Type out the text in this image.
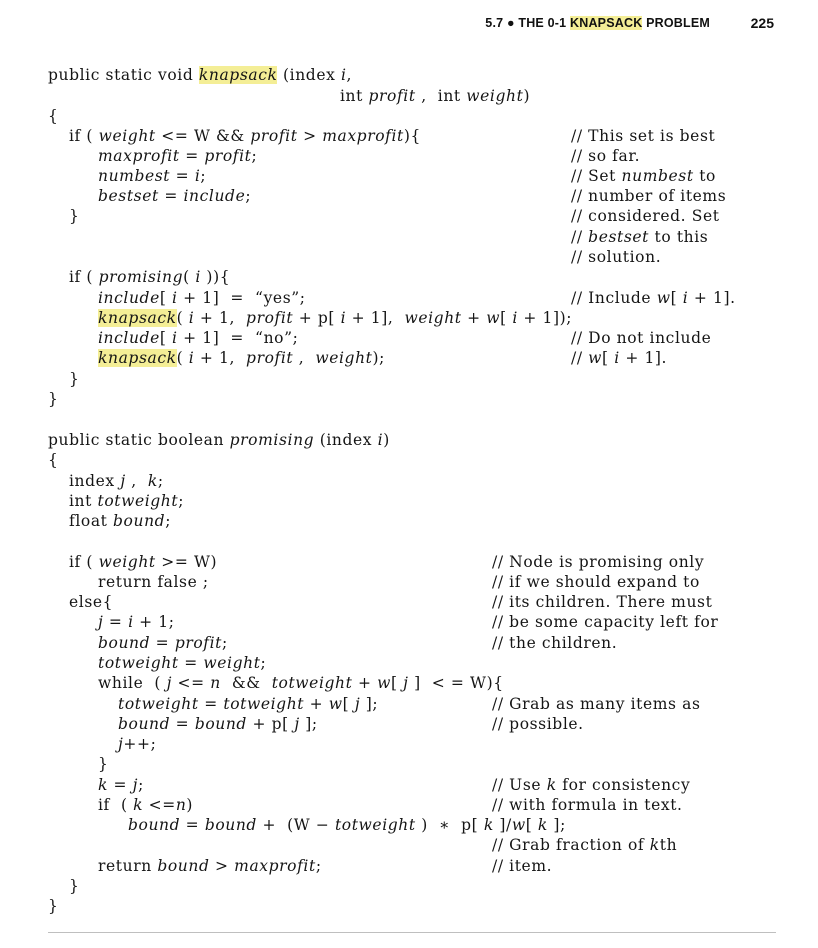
5.7 ● THE 0-1 KNAPSACK PROBLEM	225
public static void knapsack (index i,
int profit ,  int weight)
{
if ( weight <= W && profit > maxprofit){
maxprofit = profit;
numbest = i;
bestset = include;
}
// This set is best
// so far.
// Set numbest to
// number of items
// considered. Set
// bestset to this
// solution.
if ( promising( i )){
include[ i + 1]  =  “yes”;
knapsack( i + 1,  profit + p[ i + 1],  weight + w[ i + 1]);
include[ i + 1]  =  “no”;
knapsack( i + 1,  profit ,  weight);
}
}
// Include w[ i + 1].
// Do not include
// w[ i + 1].
public static boolean promising (index i)
{
index j ,  k;
int totweight;
float bound;
if ( weight >= W)
return false ;
else{
j = i + 1;
bound = profit;
totweight = weight;
while  ( j <= n  &&  totweight + w[ j ]  < = W){
totweight = totweight + w[ j ];
bound = bound + p[ j ];
j++;
}
k = j;
if  ( k <=n)
bound = bound +  (W − totweight )  ∗  p[ k ]/w[ k ];
return bound > maxprofit;
}
}
// Node is promising only
// if we should expand to
// its children. There must
// be some capacity left for
// the children.
// Grab as many items as
// possible.
// Use k for consistency
// with formula in text.
// Grab fraction of kth
// item.
